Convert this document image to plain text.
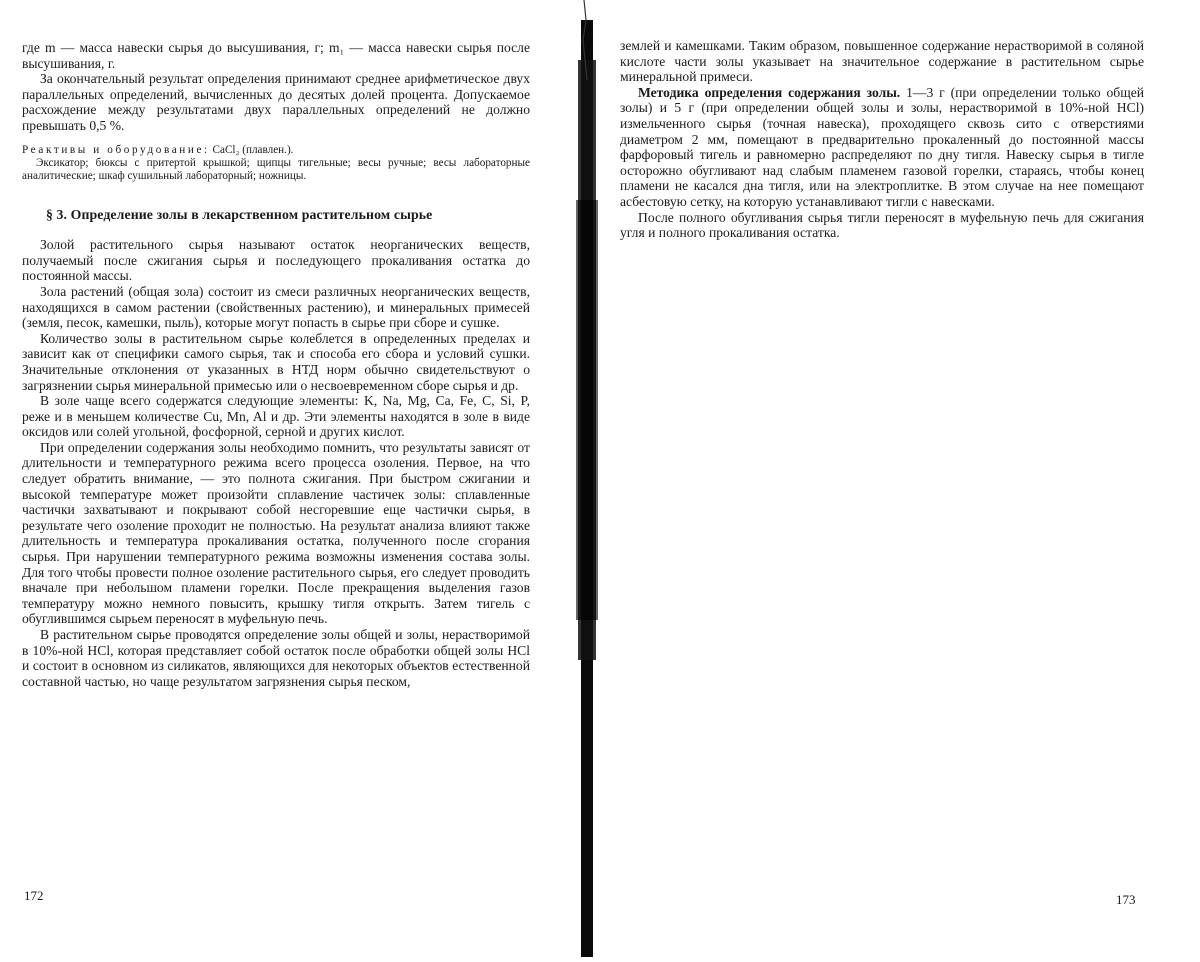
где m — масса навески сырья до высушивания, г; m₁ — масса навески сырья после высушивания, г.

За окончательный результат определения принимают среднее арифметическое двух параллельных определений, вычисленных до десятых долей процента. Допускаемое расхождение между результатами двух параллельных определений не должно превышать 0,5 %.

Реактивы и оборудование: CaCl₂ (плавлен.).

Эксикатор; бюксы с притертой крышкой; щипцы тигельные; весы ручные; весы лабораторные аналитические; шкаф сушильный лабораторный; ножницы.

§ 3. Определение золы в лекарственном растительном сырье

Золой растительного сырья называют остаток неорганических веществ, получаемый после сжигания сырья и последующего прокаливания остатка до постоянной массы.

Зола растений (общая зола) состоит из смеси различных неорганических веществ, находящихся в самом растении (свойственных растению), и минеральных примесей (земля, песок, камешки, пыль), которые могут попасть в сырье при сборе и сушке.

Количество золы в растительном сырье колеблется в определенных пределах и зависит как от специфики самого сырья, так и способа его сбора и условий сушки. Значительные отклонения от указанных в НТД норм обычно свидетельствуют о загрязнении сырья минеральной примесью или о несвоевременном сборе сырья и др.

В золе чаще всего содержатся следующие элементы: K, Na, Mg, Ca, Fe, C, Si, P, реже и в меньшем количестве Cu, Mn, Al и др. Эти элементы находятся в золе в виде оксидов или солей угольной, фосфорной, серной и других кислот.

При определении содержания золы необходимо помнить, что результаты зависят от длительности и температурного режима всего процесса озоления. Первое, на что следует обратить внимание, — это полнота сжигания. При быстром сжигании и высокой температуре может произойти сплавление частичек золы: сплавленные частички захватывают и покрывают собой несгоревшие еще частички сырья, в результате чего озоление проходит не полностью. На результат анализа влияют также длительность и температура прокаливания остатка, полученного после сгорания сырья. При нарушении температурного режима возможны изменения состава золы. Для того чтобы провести полное озоление растительного сырья, его следует проводить вначале при небольшом пламени горелки. После прекращения выделения газов температуру можно немного повысить, крышку тигля открыть. Затем тигель с обуглившимся сырьем переносят в муфельную печь.

В растительном сырье проводятся определение золы общей и золы, нерастворимой в 10%-ной HCl, которая представляет собой остаток после обработки общей золы HCl и состоит в основном из силикатов, являющихся для некоторых объектов естественной составной частью, но чаще результатом загрязнения сырья песком,

172

землей и камешками. Таким образом, повышенное содержание нерастворимой в соляной кислоте части золы указывает на значительное содержание в растительном сырье минеральной примеси.

Методика определения содержания золы. 1—3 г (при определении только общей золы) и 5 г (при определении общей золы и золы, нерастворимой в 10%-ной HCl) измельченного сырья (точная навеска), проходящего сквозь сито с отверстиями диаметром 2 мм, помещают в предварительно прокаленный до постоянной массы фарфоровый тигель и равномерно распределяют по дну тигля. Навеску сырья в тигле осторожно обугливают над слабым пламенем газовой горелки, стараясь, чтобы конец пламени не касался дна тигля, или на электроплитке. В этом случае на нее помещают асбестовую сетку, на которую устанавливают тигли с навесками.

После полного обугливания сырья тигли переносят в муфельную печь для сжигания угля и полного прокаливания остатка.

173
